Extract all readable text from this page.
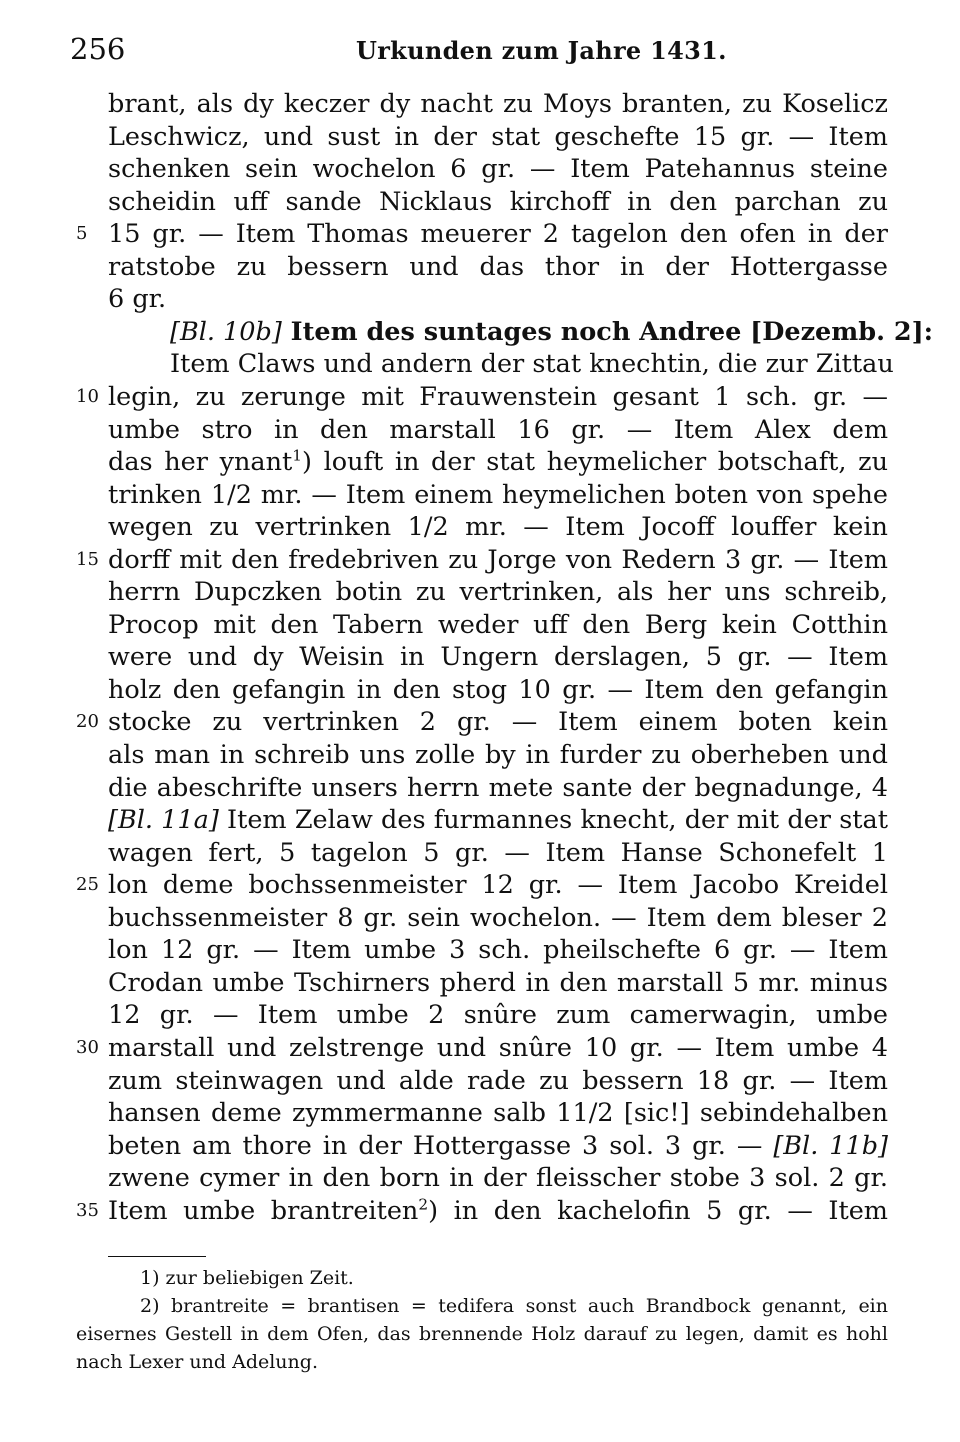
256	Urkunden zum Jahre 1431.
brant, als dy keczer dy nacht zu Moys branten, zu Koselicz
Leschwicz, und sust in der stat geschefte 15 gr. — Item
schenken sein wochelon 6 gr. — Item Patehannus steine
scheidin uff sande Nicklaus kirchoff in den parchan zu
5 15 gr. — Item Thomas meuerer 2 tagelon den ofen in der
ratstobe zu bessern und das thor in der Hottergasse
6 gr.
[Bl. 10b] Item des suntages noch Andree [Dezemb. 2]:
Item Claws und andern der stat knechtin, die zur Zittau
10 legin, zu zerunge mit Frauwenstein gesant 1 sch. gr. —
umbe stro in den marstall 16 gr. — Item Alex dem
das her ynant$^1$) louft in der stat heymelicher botschaft, zu
trinken 1/2 mr. — Item einem heymelichen boten von spehe
wegen zu vertrinken 1/2 mr. — Item Jocoff louffer kein
15 dorff mit den fredebriven zu Jorge von Redern 3 gr. — Item
herrn Dupczken botin zu vertrinken, als her uns schreib,
Procop mit den Tabern weder uff den Berg kein Cotthin
were und dy Weisin in Ungern derslagen, 5 gr. — Item
holz den gefangin in den stog 10 gr. — Item den gefangin
20 stocke zu vertrinken 2 gr. — Item einem boten kein
als man in schreib uns zolle by in furder zu oberheben und
die abeschrifte unsers herrn mete sante der begnadunge, 4
[Bl. 11a] Item Zelaw des furmannes knecht, der mit der stat
wagen fert, 5 tagelon 5 gr. — Item Hanse Schonefelt 1
25 lon deme bochssenmeister 12 gr. — Item Jacobo Kreidel
buchssenmeister 8 gr. sein wochelon. — Item dem bleser 2
lon 12 gr. — Item umbe 3 sch. pheilschefte 6 gr. — Item
Crodan umbe Tschirners pherd in den marstall 5 mr. minus
12 gr. — Item umbe 2 snûre zum camerwagin, umbe
30 marstall und zelstrenge und snûre 10 gr. — Item umbe 4
zum steinwagen und alde rade zu bessern 18 gr. — Item
hansen deme zymmermanne salb 11/2 [sic!] sebindehalben
beten am thore in der Hottergasse 3 sol. 3 gr. — [Bl. 11b]
zwene cymer in den born in der fleisscher stobe 3 sol. 2 gr.
35 Item umbe brantreiten$^2$) in den kachelofin 5 gr. — Item
1) zur beliebigen Zeit.
2) brantreite = brantisen = tedifera sonst auch Brandbock genannt, ein
eisernes Gestell in dem Ofen, das brennende Holz darauf zu legen, damit es hohl
nach Lexer und Adelung.
